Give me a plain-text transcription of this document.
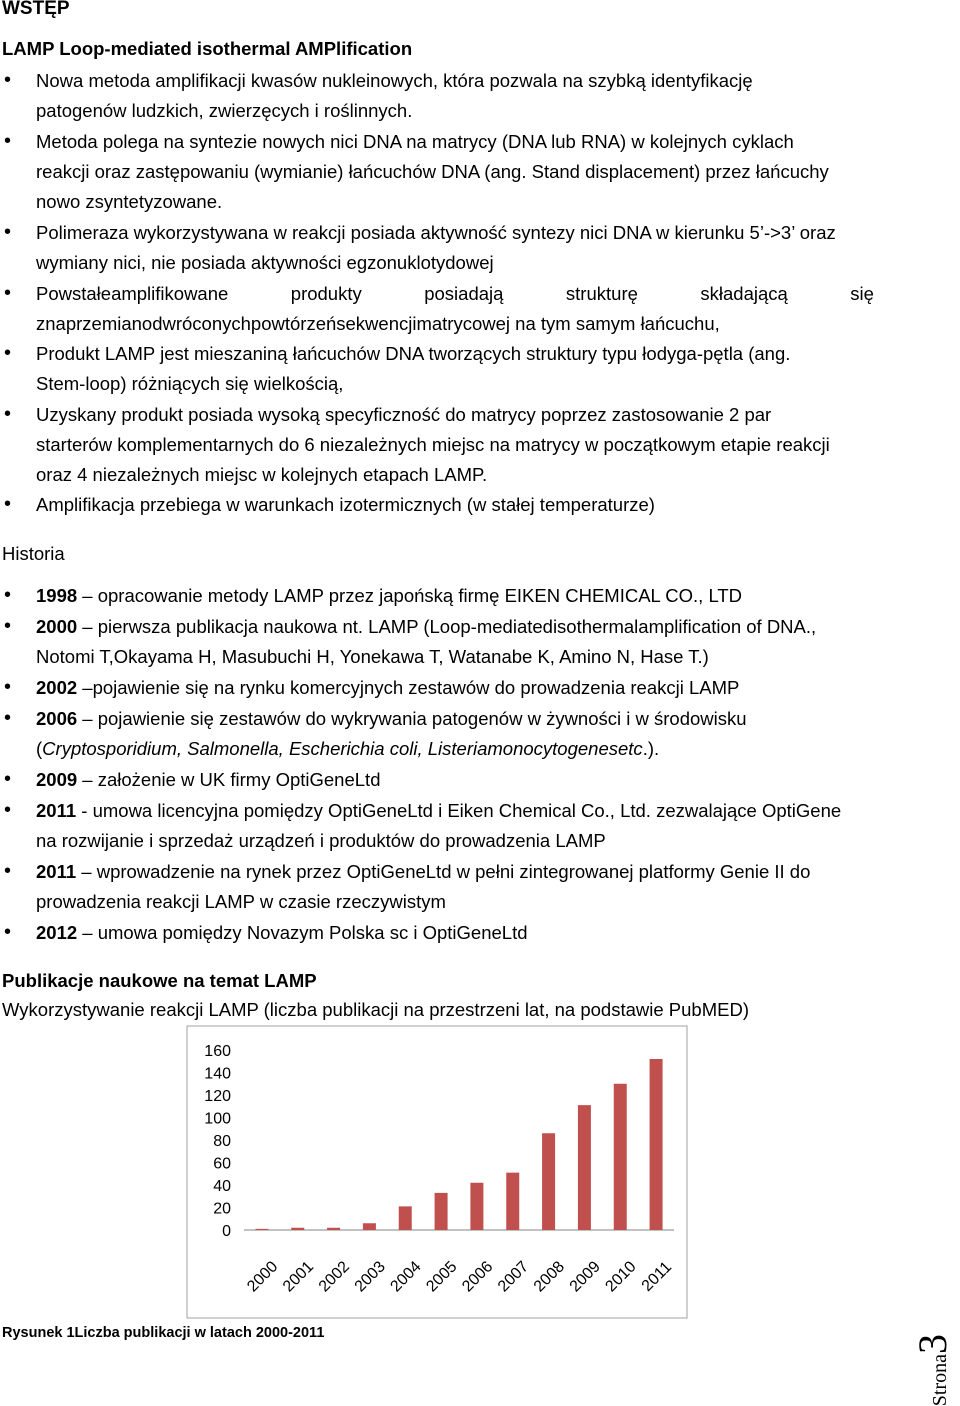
WSTĘP
LAMP Loop-mediated isothermal AMPlification
• Nowa metoda amplifikacji kwasów nukleinowych, która pozwala na szybką identyfikację
patogenów ludzkich, zwierzęcych i roślinnych.
• Metoda polega na syntezie nowych nici DNA na matrycy (DNA lub RNA) w kolejnych cyklach
reakcji oraz zastępowaniu (wymianie) łańcuchów DNA (ang. Stand displacement) przez łańcuchy
nowo zsyntetyzowane.
• Polimeraza wykorzystywana w reakcji posiada aktywność syntezy nici DNA w kierunku 5’->3’ oraz
wymiany nici, nie posiada aktywności egzonuklotydowej
• Powstałeamplifikowane	produkty	posiadają	strukturę	składającą	się
znaprzemianodwróconychpowtórzeńsekwencjimatrycowej na tym samym łańcuchu,
• Produkt LAMP jest mieszaniną łańcuchów DNA tworzących struktury typu łodyga-pętla (ang.
Stem-loop) różniących się wielkością,
• Uzyskany produkt posiada wysoką specyficzność do matrycy poprzez zastosowanie 2 par
starterów komplementarnych do 6 niezależnych miejsc na matrycy w początkowym etapie reakcji
oraz 4 niezależnych miejsc w kolejnych etapach LAMP.
• Amplifikacja przebiega w warunkach izotermicznych (w stałej temperaturze)
Historia
• 1998 – opracowanie metody LAMP przez japońską firmę EIKEN CHEMICAL CO., LTD
• 2000 – pierwsza publikacja naukowa nt. LAMP (Loop-mediatedisothermalamplification of DNA.,
Notomi T,Okayama H, Masubuchi H, Yonekawa T, Watanabe K, Amino N, Hase T.)
• 2002 –pojawienie się na rynku komercyjnych zestawów do prowadzenia reakcji LAMP
• 2006 – pojawienie się zestawów do wykrywania patogenów w żywności i w środowisku
(Cryptosporidium, Salmonella, Escherichia coli, Listeriamonocytogenesetc.).
• 2009 – założenie w UK firmy OptiGeneLtd
• 2011 - umowa licencyjna pomiędzy OptiGeneLtd i Eiken Chemical Co., Ltd. zezwalające OptiGene
na rozwijanie i sprzedaż urządzeń i produktów do prowadzenia LAMP
• 2011 – wprowadzenie na rynek przez OptiGeneLtd w pełni zintegrowanej platformy Genie II do
prowadzenia reakcji LAMP w czasie rzeczywistym
• 2012 – umowa pomiędzy Novazym Polska sc i OptiGeneLtd
Publikacje naukowe na temat LAMP
Wykorzystywanie reakcji LAMP (liczba publikacji na przestrzeni lat, na podstawie PubMED)
0
20
40
60
80
100
120
140
160
2000
2001
2002
2003
2004
2005
2006
2007
2008
2009
2010 2011
Rysunek 1Liczba publikacji w latach 2000-2011
Strona3
